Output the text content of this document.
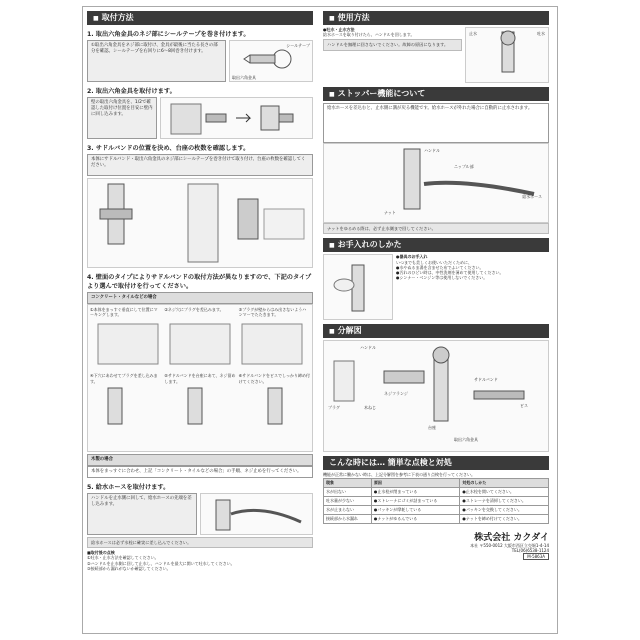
■ 取付方法
1. 取出六角金具のネジ部にシールテープを巻き付けます。
①取出六角金具をネジ部に取付け、金具が最後に当たる長さの部分を確認。シールテープを右回りに6〜8回巻き付けます。
シールテープ
取出六角金具
2. 取出六角金具を取付けます。
壁の取出六角金具を、1/2で確認した取付け位置を目安に壁内に回し込みます。
3. サドルバンドの位置を決め、台座の枚数を確認します。
本体にサドルバンド・取出六角金具のネジ部にシールテープを巻き付けて取り付け、台座の枚数を確認してください。
4. 壁面のタイプによりサドルバンドの取付方法が異なりますので、下記のタイプより選んで取付けを行ってください。
コンクリート・タイルなどの場合
①本体をまっすぐ垂直にして位置にマーキングします。
②ネジ穴にプラグを差込みます。	③プラグが壁からはみ出さないようハンマーでたたきます。
④下穴にあわせてプラグを差し込みます。
⑤サドルバンドを台座にあて、ネジ留めします。
⑥サドルバンドをビスでしっかり締め付けてください。
木製の場合
本体をまっすぐに合わせ、上記「コンクリート・タイルなどの場合」の手順、ネジ止めを行ってください。
5. 給水ホースを取付けます。
ハンドルを止水側に回して、給水ホースの先端を差し込みます。
給水ホースは必ず水栓に確実に差し込んでください。
■取付後の点検
①吐水・止水方法を確認してください。
②ハンドルを止水側に回して止水し、ハンドルを最大に開いて吐水してください。
③接続部から漏れがないか確認してください。
■ 使用方法
●吐水・止水方法
給水ホースを取り付けたら、ハンドルを回します。
ハンドルを無理に回さないでください。故障の原因になります。
止水	吐水
■ ストッパー機能について
給水ホースを差込むと、止水側に溝が戻る機能です。給水ホースが外れた場合に自動的に止水されます。
ハンドル
ニップル部
給水ホース
ナット
ナットをゆるめる際は、必ず止水側まで回してください。
■ お手入れのしかた
●器具のお手入れ
いつまでも美しくお使いいただくために、
●水やぬるま湯を含ませた布でふいてください。
●汚れのひどい時は、中性洗剤を薄めて使用してください。
●シンナー・ベンジン等は使用しないでください。
■ 分解図
ハンドル
プラグ	木ねじ
ネジフランジ
サドルバンド
台座
ビス
取出六角金具
こんな時には… 簡単な点検と対処
機能が正常に働かない時は、上記分解図を参考に下表の通り点検を行ってください。
現象	原因	対処のしかた
水が出ない	●止水栓が閉まっている	●止水栓を開いてください。
吐水量が少ない	●ストレーナにゴミが詰まっている	●ストレーナを清掃してください。
水が止まらない	●パッキンが摩耗している	●パッキンを交換してください。
接続部から水漏れ	●ナットがゆるんでいる	●ナットを締め付けてください。
株式会社 カクダイ
本社 〒550-0012 大阪市西区立売堀1-4-14
TEL(06)6538-1124
M-5863A
